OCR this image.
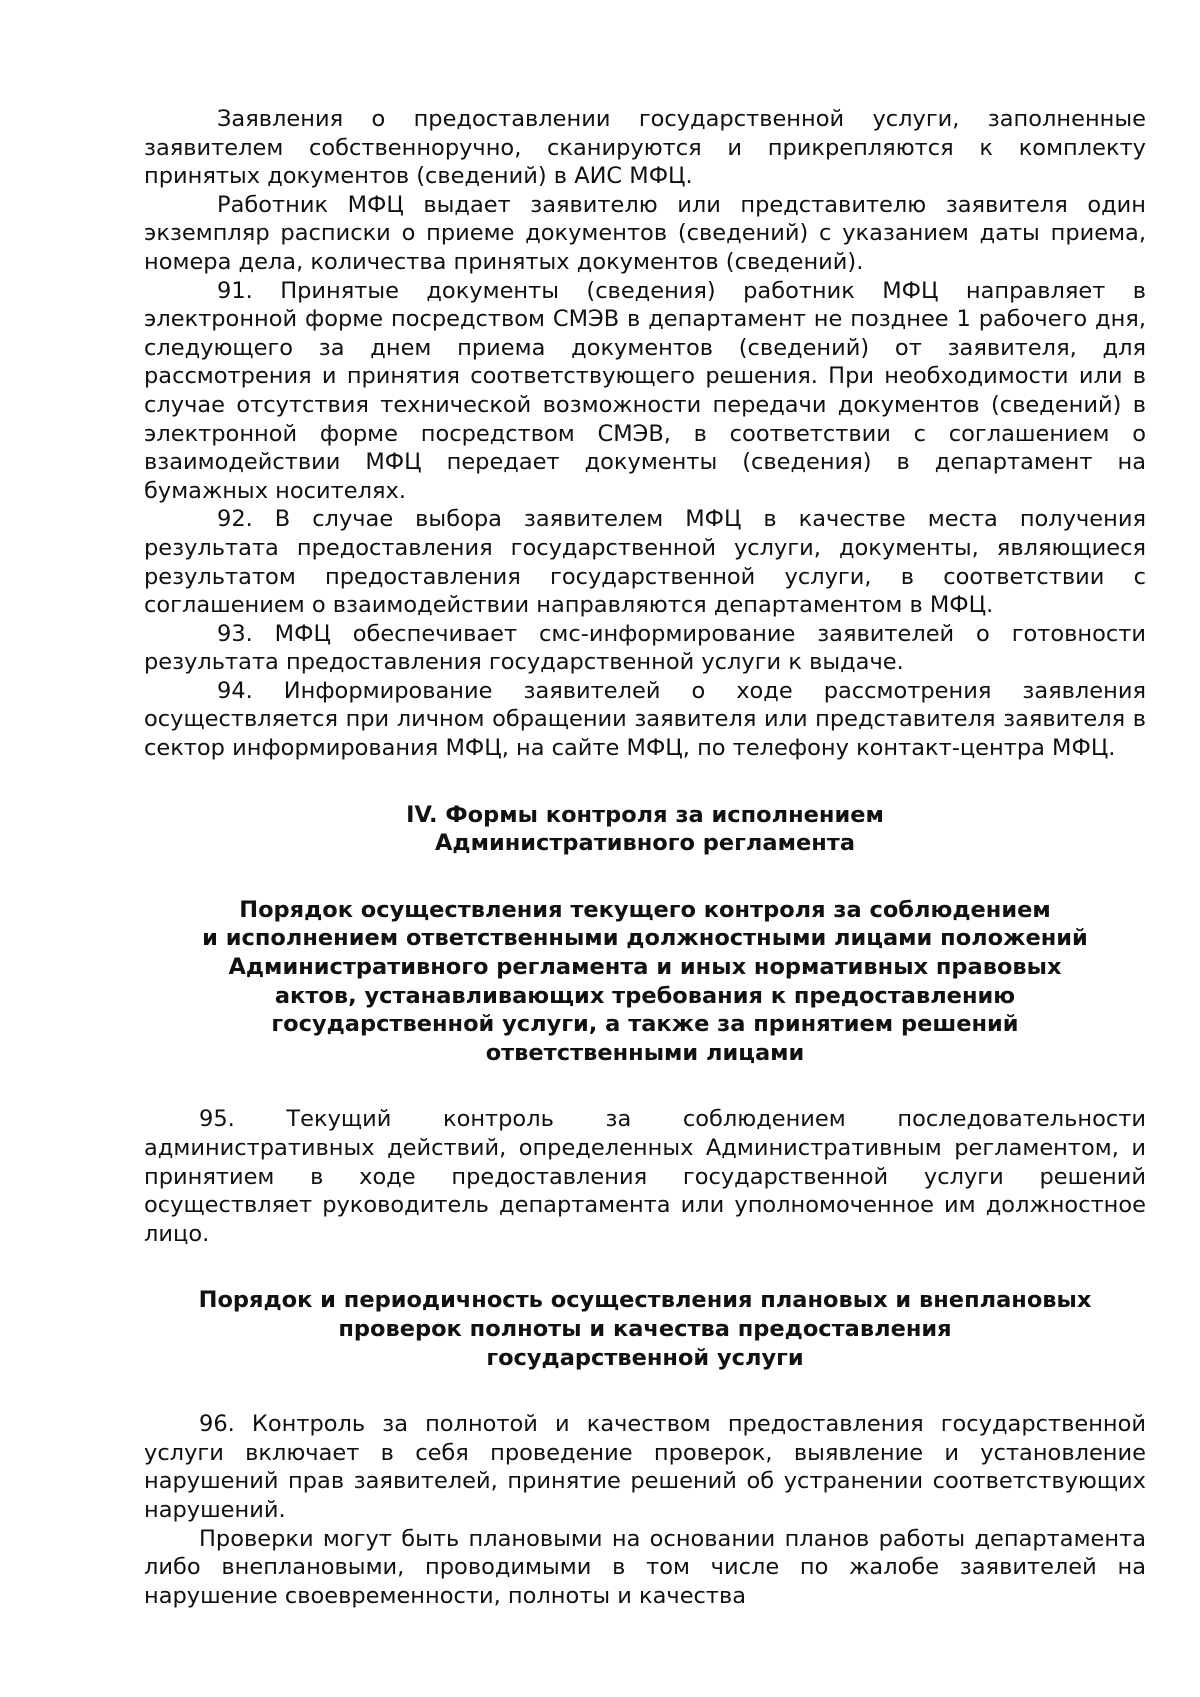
Заявления о предоставлении государственной услуги, заполненные заявителем собственноручно, сканируются и прикрепляются к комплекту принятых документов (сведений) в АИС МФЦ.

Работник МФЦ выдает заявителю или представителю заявителя один экземпляр расписки о приеме документов (сведений) с указанием даты приема, номера дела, количества принятых документов (сведений).

91. Принятые документы (сведения) работник МФЦ направляет в электронной форме посредством СМЭВ в департамент не позднее 1 рабочего дня, следующего за днем приема документов (сведений) от заявителя, для рассмотрения и принятия соответствующего решения. При необходимости или в случае отсутствия технической возможности передачи документов (сведений) в электронной форме посредством СМЭВ, в соответствии с соглашением о взаимодействии МФЦ передает документы (сведения) в департамент на бумажных носителях.

92. В случае выбора заявителем МФЦ в качестве места получения результата предоставления государственной услуги, документы, являющиеся результатом предоставления государственной услуги, в соответствии с соглашением о взаимодействии направляются департаментом в МФЦ.

93. МФЦ обеспечивает смс-информирование заявителей о готовности результата предоставления государственной услуги к выдаче.

94. Информирование заявителей о ходе рассмотрения заявления осуществляется при личном обращении заявителя или представителя заявителя в сектор информирования МФЦ, на сайте МФЦ, по телефону контакт-центра МФЦ.

IV. Формы контроля за исполнением

Административного регламента

Порядок осуществления текущего контроля за соблюдением

и исполнением ответственными должностными лицами положений

Административного регламента и иных нормативных правовых

актов, устанавливающих требования к предоставлению

государственной услуги, а также за принятием решений

ответственными лицами

95. Текущий контроль за соблюдением последовательности административных действий, определенных Административным регламентом, и принятием в ходе предоставления государственной услуги решений осуществляет руководитель департамента или уполномоченное им должностное лицо.

Порядок и периодичность осуществления плановых и внеплановых

проверок полноты и качества предоставления

государственной услуги

96. Контроль за полнотой и качеством предоставления государственной услуги включает в себя проведение проверок, выявление и установление нарушений прав заявителей, принятие решений об устранении соответствующих нарушений.

Проверки могут быть плановыми на основании планов работы департамента либо внеплановыми, проводимыми в том числе по жалобе заявителей на нарушение своевременности, полноты и качества
